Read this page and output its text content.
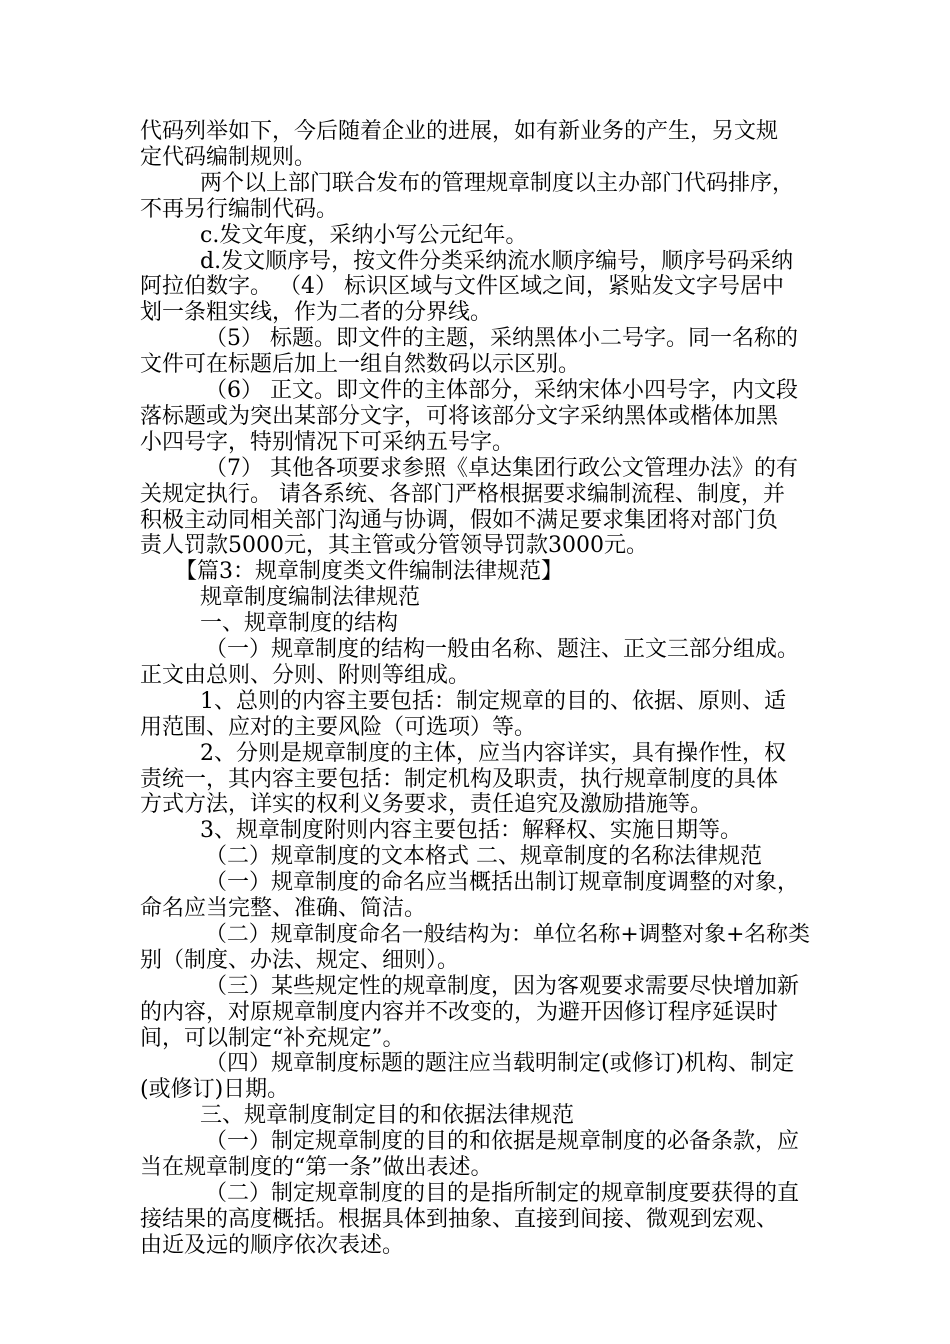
代码列举如下，今后随着企业的进展，如有新业务的产生，另文规
定代码编制规则。
两个以上部门联合发布的管理规章制度以主办部门代码排序，
不再另行编制代码。
c.发文年度，采纳小写公元纪年。
d.发文顺序号，按文件分类采纳流水顺序编号，顺序号码采纳
阿拉伯数字。 （4） 标识区域与文件区域之间，紧贴发文字号居中
划一条粗实线，作为二者的分界线。
（5） 标题。即文件的主题，采纳黑体小二号字。同一名称的
文件可在标题后加上一组自然数码以示区别。
（6） 正文。即文件的主体部分，采纳宋体小四号字，内文段
落标题或为突出某部分文字，可将该部分文字采纳黑体或楷体加黑
小四号字，特别情况下可采纳五号字。
（7） 其他各项要求参照《卓达集团行政公文管理办法》的有
关规定执行。 请各系统、各部门严格根据要求编制流程、制度，并
积极主动同相关部门沟通与协调，假如不满足要求集团将对部门负
责人罚款5000元，其主管或分管领导罚款3000元。
【篇3：规章制度类文件编制法律规范】
规章制度编制法律规范
一、规章制度的结构
（一）规章制度的结构一般由名称、题注、正文三部分组成。
正文由总则、分则、附则等组成。
1、总则的内容主要包括：制定规章的目的、依据、原则、适
用范围、应对的主要风险（可选项）等。
2、分则是规章制度的主体，应当内容详实，具有操作性，权
责统一，其内容主要包括：制定机构及职责，执行规章制度的具体
方式方法，详实的权利义务要求，责任追究及激励措施等。
3、规章制度附则内容主要包括：解释权、实施日期等。
（二）规章制度的文本格式 二、规章制度的名称法律规范
（一）规章制度的命名应当概括出制订规章制度调整的对象，
命名应当完整、准确、简洁。
（二）规章制度命名一般结构为：单位名称+调整对象+名称类
别（制度、办法、规定、细则）。
（三）某些规定性的规章制度，因为客观要求需要尽快增加新
的内容，对原规章制度内容并不改变的，为避开因修订程序延误时
间，可以制定“补充规定”。
（四）规章制度标题的题注应当载明制定(或修订)机构、制定
(或修订)日期。
三、规章制度制定目的和依据法律规范
（一）制定规章制度的目的和依据是规章制度的必备条款，应
当在规章制度的“第一条”做出表述。
（二）制定规章制度的目的是指所制定的规章制度要获得的直
接结果的高度概括。根据具体到抽象、直接到间接、微观到宏观、
由近及远的顺序依次表述。
